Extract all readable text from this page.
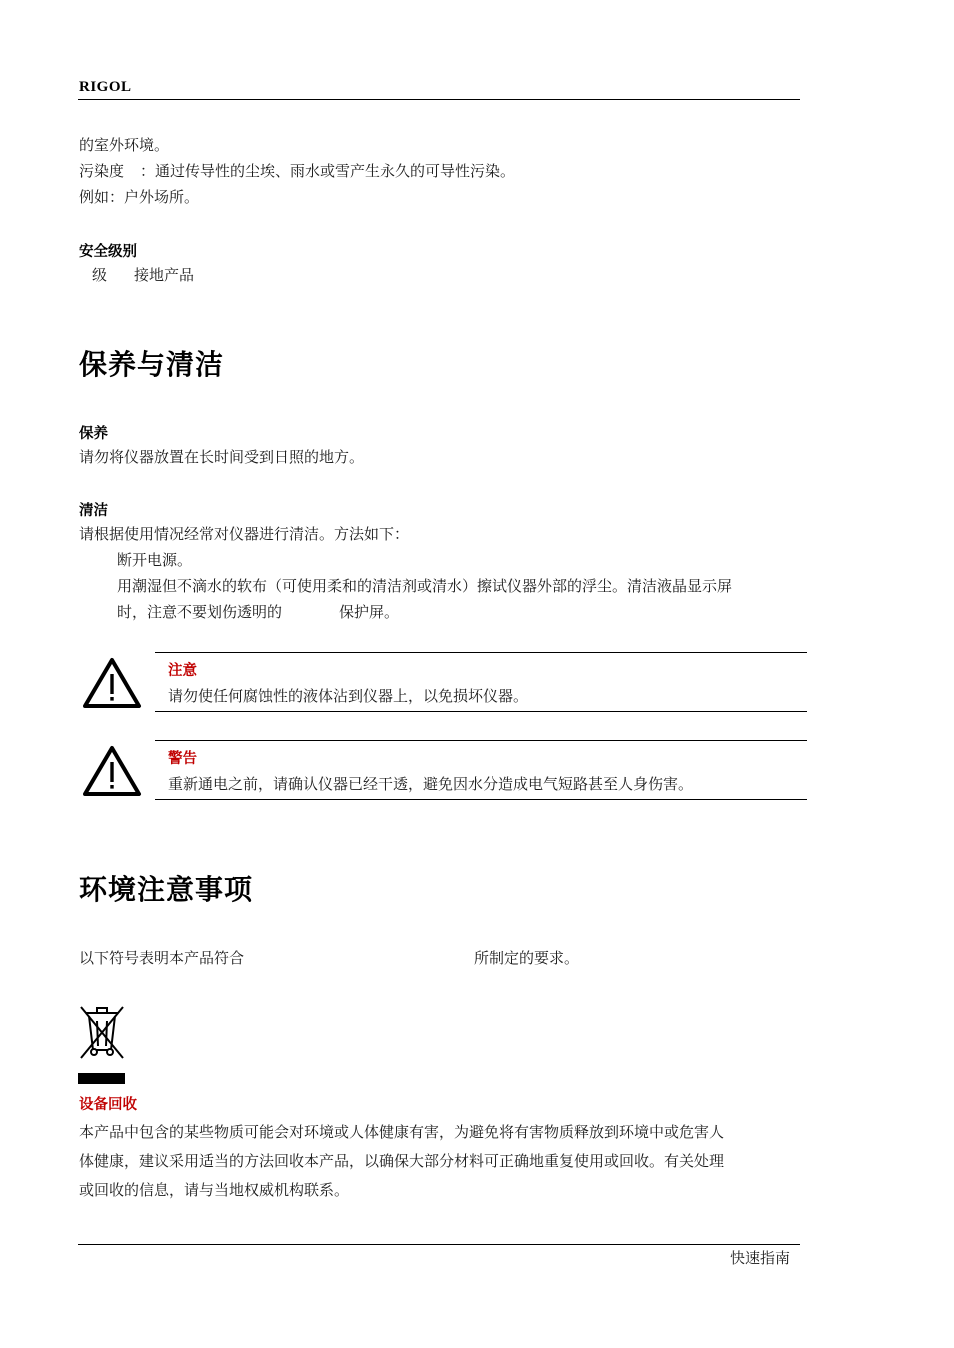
RIGOL
的室外环境。
污染度 ：通过传导性的尘埃、雨水或雪产生永久的可导性污染。
例如：户外场所。
安全级别
级 接地产品
保养与清洁
保养
请勿将仪器放置在长时间受到日照的地方。
清洁
请根据使用情况经常对仪器进行清洁。方法如下：
断开电源。
用潮湿但不滴水的软布（可使用柔和的清洁剂或清水）擦试仪器外部的浮尘。清洁液晶显示屏
时，注意不要划伤透明的	保护屏。
注意
请勿使任何腐蚀性的液体沾到仪器上，以免损坏仪器。
警告
重新通电之前，请确认仪器已经干透，避免因水分造成电气短路甚至人身伤害。
环境注意事项
以下符号表明本产品符合	所制定的要求。
设备回收
本产品中包含的某些物质可能会对环境或人体健康有害，为避免将有害物质释放到环境中或危害人
体健康，建议采用适当的方法回收本产品，以确保大部分材料可正确地重复使用或回收。有关处理
或回收的信息，请与当地权威机构联系。
快速指南
